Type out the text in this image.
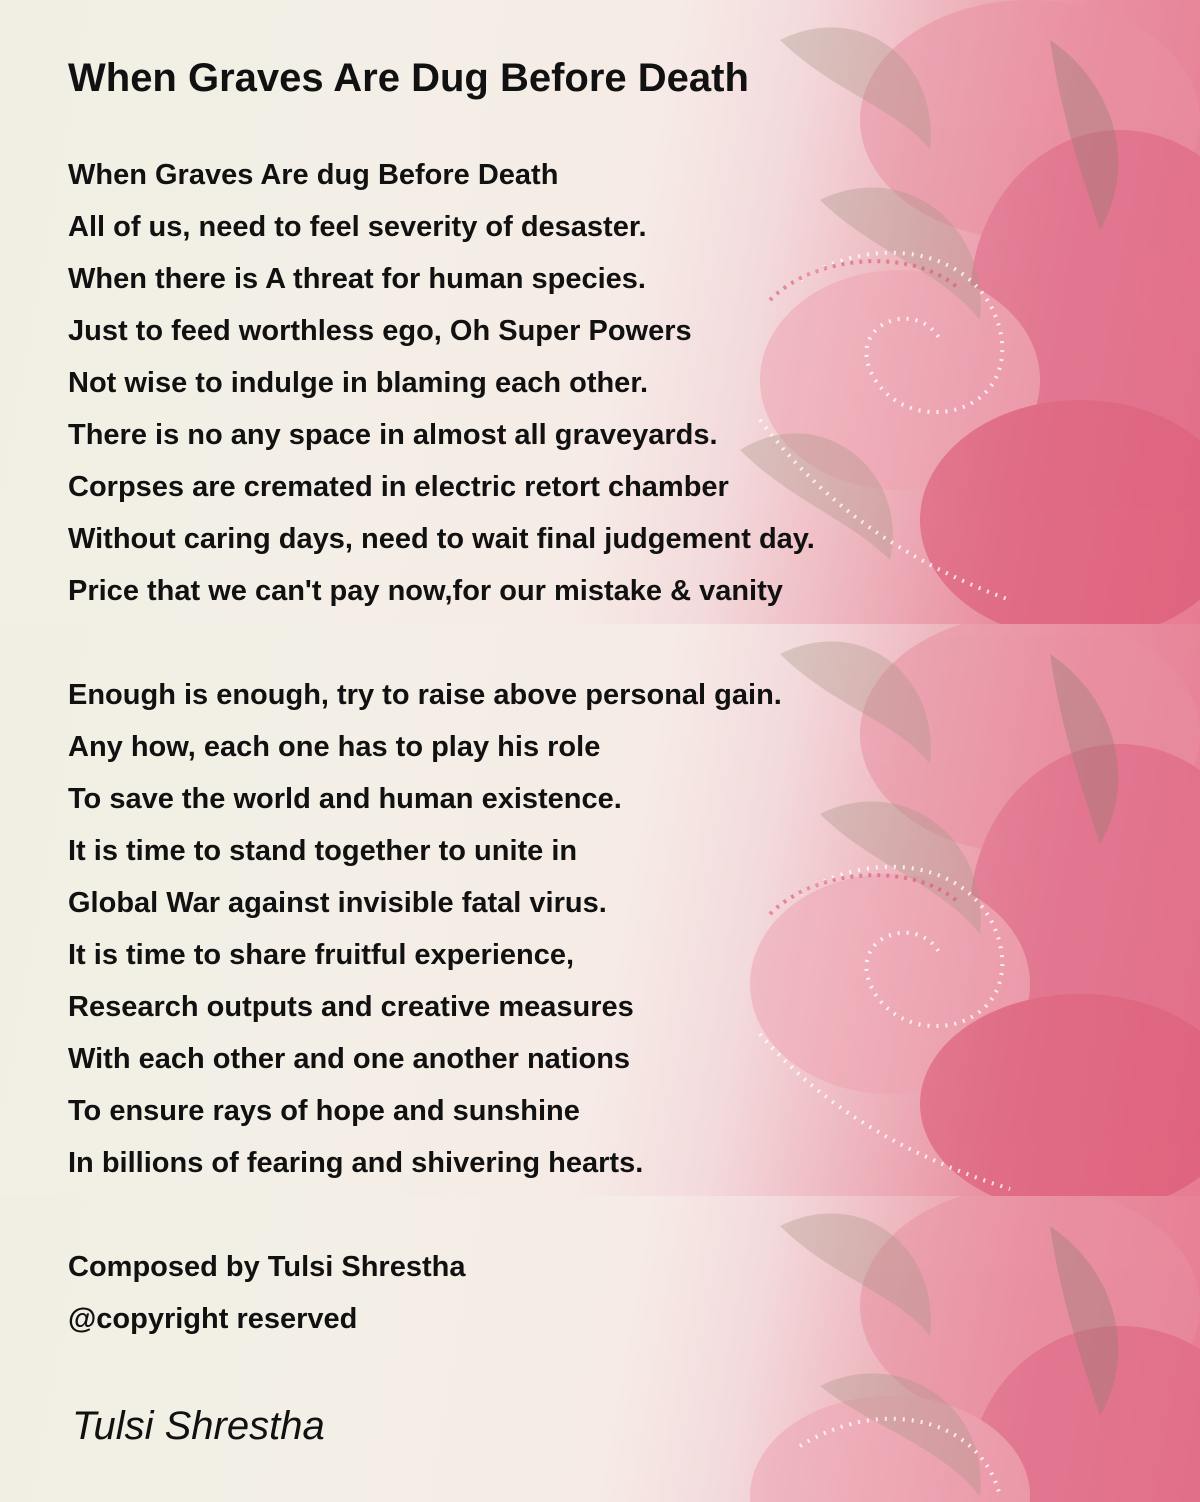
When Graves Are Dug Before Death
When Graves Are dug Before Death
All of us, need to feel severity of desaster.
When there is A threat for human species.
Just to feed worthless ego, Oh Super Powers
Not wise to indulge in blaming each other.
There is no any space in almost all graveyards.
Corpses are cremated in electric retort chamber
Without caring days, need to wait final judgement day.
Price that we can't pay now,for our mistake & vanity
Enough is enough, try to raise above personal gain.
Any how, each one has to play his role
To save the world and human existence.
It is time to stand together to unite in
Global War against invisible fatal virus.
It is time to share fruitful experience,
Research outputs and creative measures
With each other and one another nations
To ensure rays of hope and sunshine
In billions of fearing and shivering hearts.
Composed by Tulsi Shrestha
@copyright reserved
Tulsi Shrestha
